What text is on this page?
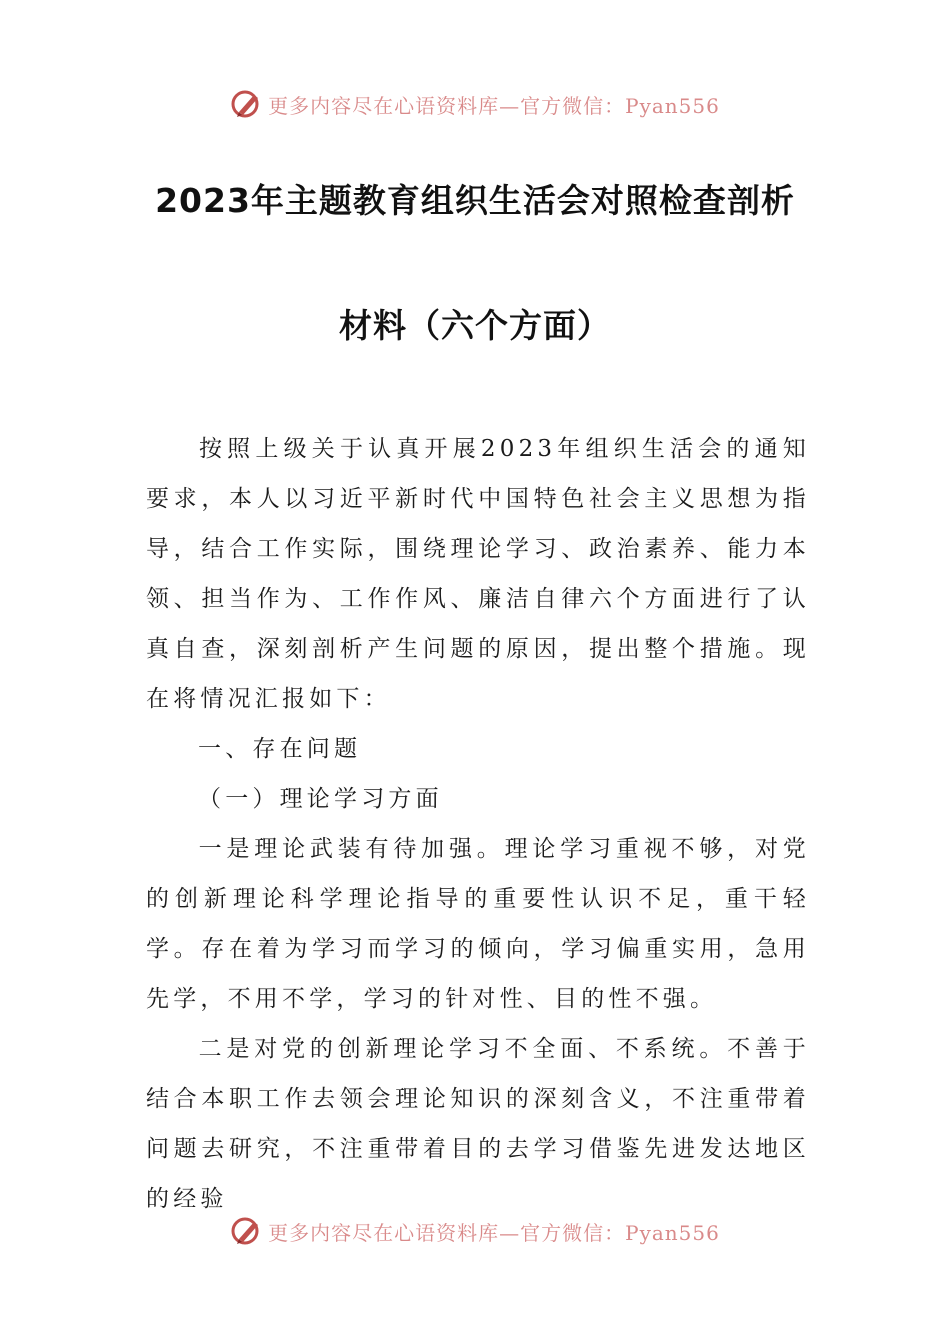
更多内容尽在心语资料库—官方微信：Pyan556
2023年主题教育组织生活会对照检查剖析
材料（六个方面）
按照上级关于认真开展2023年组织生活会的通知要求，本人以习近平新时代中国特色社会主义思想为指导，结合工作实际，围绕理论学习、政治素养、能力本领、担当作为、工作作风、廉洁自律六个方面进行了认真自查，深刻剖析产生问题的原因，提出整个措施。现在将情况汇报如下：
一、存在问题
（一）理论学习方面
一是理论武装有待加强。理论学习重视不够，对党的创新理论科学理论指导的重要性认识不足，重干轻学。存在着为学习而学习的倾向，学习偏重实用，急用先学，不用不学，学习的针对性、目的性不强。
二是对党的创新理论学习不全面、不系统。不善于结合本职工作去领会理论知识的深刻含义，不注重带着问题去研究，不注重带着目的去学习借鉴先进发达地区的经验
更多内容尽在心语资料库—官方微信：Pyan556
